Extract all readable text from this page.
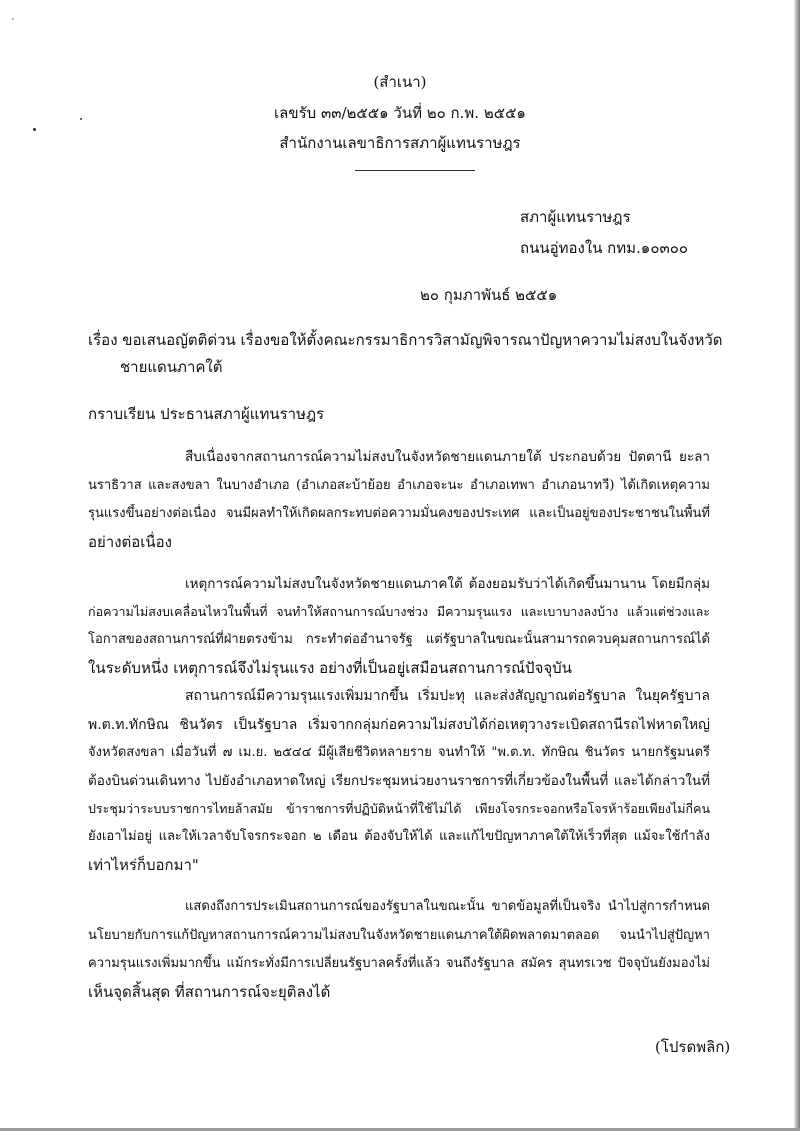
(สำเนา)

เลขรับ ๓๓/๒๕๕๑ วันที่ ๒๐ ก.พ. ๒๕๕๑

สำนักงานเลขาธิการสภาผู้แทนราษฎร

สภาผู้แทนราษฎร

ถนนอู่ทองใน กทม.๑๐๓๐๐

๒๐ กุมภาพันธ์ ๒๕๕๑

เรื่อง ขอเสนอญัตติด่วน เรื่องขอให้ตั้งคณะกรรมาธิการวิสามัญพิจารณาปัญหาความไม่สงบในจังหวัด

ชายแดนภาคใต้

กราบเรียน ประธานสภาผู้แทนราษฎร

สืบเนื่องจากสถานการณ์ความไม่สงบในจังหวัดชายแดนภายใต้ ประกอบด้วย ปัตตานี ยะลา

นราธิวาส และสงขลา ในบางอำเภอ (อำเภอสะบ้าย้อย อำเภอจะนะ อำเภอเทพา อำเภอนาทวี) ได้เกิดเหตุความ

รุนแรงขึ้นอย่างต่อเนื่อง จนมีผลทำให้เกิดผลกระทบต่อความมั่นคงของประเทศ และเป็นอยู่ของประชาชนในพื้นที่

อย่างต่อเนื่อง

เหตุการณ์ความไม่สงบในจังหวัดชายแดนภาคใต้ ต้องยอมรับว่าได้เกิดขึ้นมานาน โดยมีกลุ่ม

ก่อความไม่สงบเคลื่อนไหวในพื้นที่ จนทำให้สถานการณ์บางช่วง มีความรุนแรง และเบาบางลงบ้าง แล้วแต่ช่วงและ

โอกาสของสถานการณ์ที่ฝ่ายตรงข้าม กระทำต่ออำนาจรัฐ แต่รัฐบาลในขณะนั้นสามารถควบคุมสถานการณ์ได้

ในระดับหนึ่ง เหตุการณ์จึงไม่รุนแรง อย่างที่เป็นอยู่เสมือนสถานการณ์ปัจจุบัน

สถานการณ์มีความรุนแรงเพิ่มมากขึ้น เริ่มปะทุ และส่งสัญญาณต่อรัฐบาล ในยุครัฐบาล

พ.ต.ท.ทักษิณ ชินวัตร เป็นรัฐบาล เริ่มจากกลุ่มก่อความไม่สงบได้ก่อเหตุวางระเบิดสถานีรถไฟหาดใหญ่

จังหวัดสงขลา เมื่อวันที่ ๗ เม.ย. ๒๕๔๔ มีผู้เสียชีวิตหลายราย จนทำให้ "พ.ต.ท. ทักษิณ ชินวัตร นายกรัฐมนตรี

ต้องบินด่วนเดินทาง ไปยังอำเภอหาดใหญ่ เรียกประชุมหน่วยงานราชการที่เกี่ยวข้องในพื้นที่ และได้กล่าวในที่

ประชุมว่าระบบราชการไทยล้าสมัย ข้าราชการที่ปฏิบัติหน้าที่ใช้ไม่ได้ เพียงโจรกระจอกหรือโจรห้าร้อยเพียงไม่กี่คน

ยังเอาไม่อยู่ และให้เวลาจับโจรกระจอก ๒ เดือน ต้องจับให้ได้ และแก้ไขปัญหาภาคใต้ให้เร็วที่สุด แม้จะใช้กำลัง

เท่าไหร่ก็บอกมา"

แสดงถึงการประเมินสถานการณ์ของรัฐบาลในขณะนั้น ขาดข้อมูลที่เป็นจริง นำไปสู่การกำหนด

นโยบายกับการแก้ปัญหาสถานการณ์ความไม่สงบในจังหวัดชายแดนภาคใต้ผิดพลาดมาตลอด จนนำไปสู่ปัญหา

ความรุนแรงเพิ่มมากขึ้น แม้กระทั่งมีการเปลี่ยนรัฐบาลครั้งที่แล้ว จนถึงรัฐบาล สมัคร สุนทรเวช ปัจจุบันยังมองไม่

เห็นจุดสิ้นสุด ที่สถานการณ์จะยุติลงได้

(โปรดพลิก)
